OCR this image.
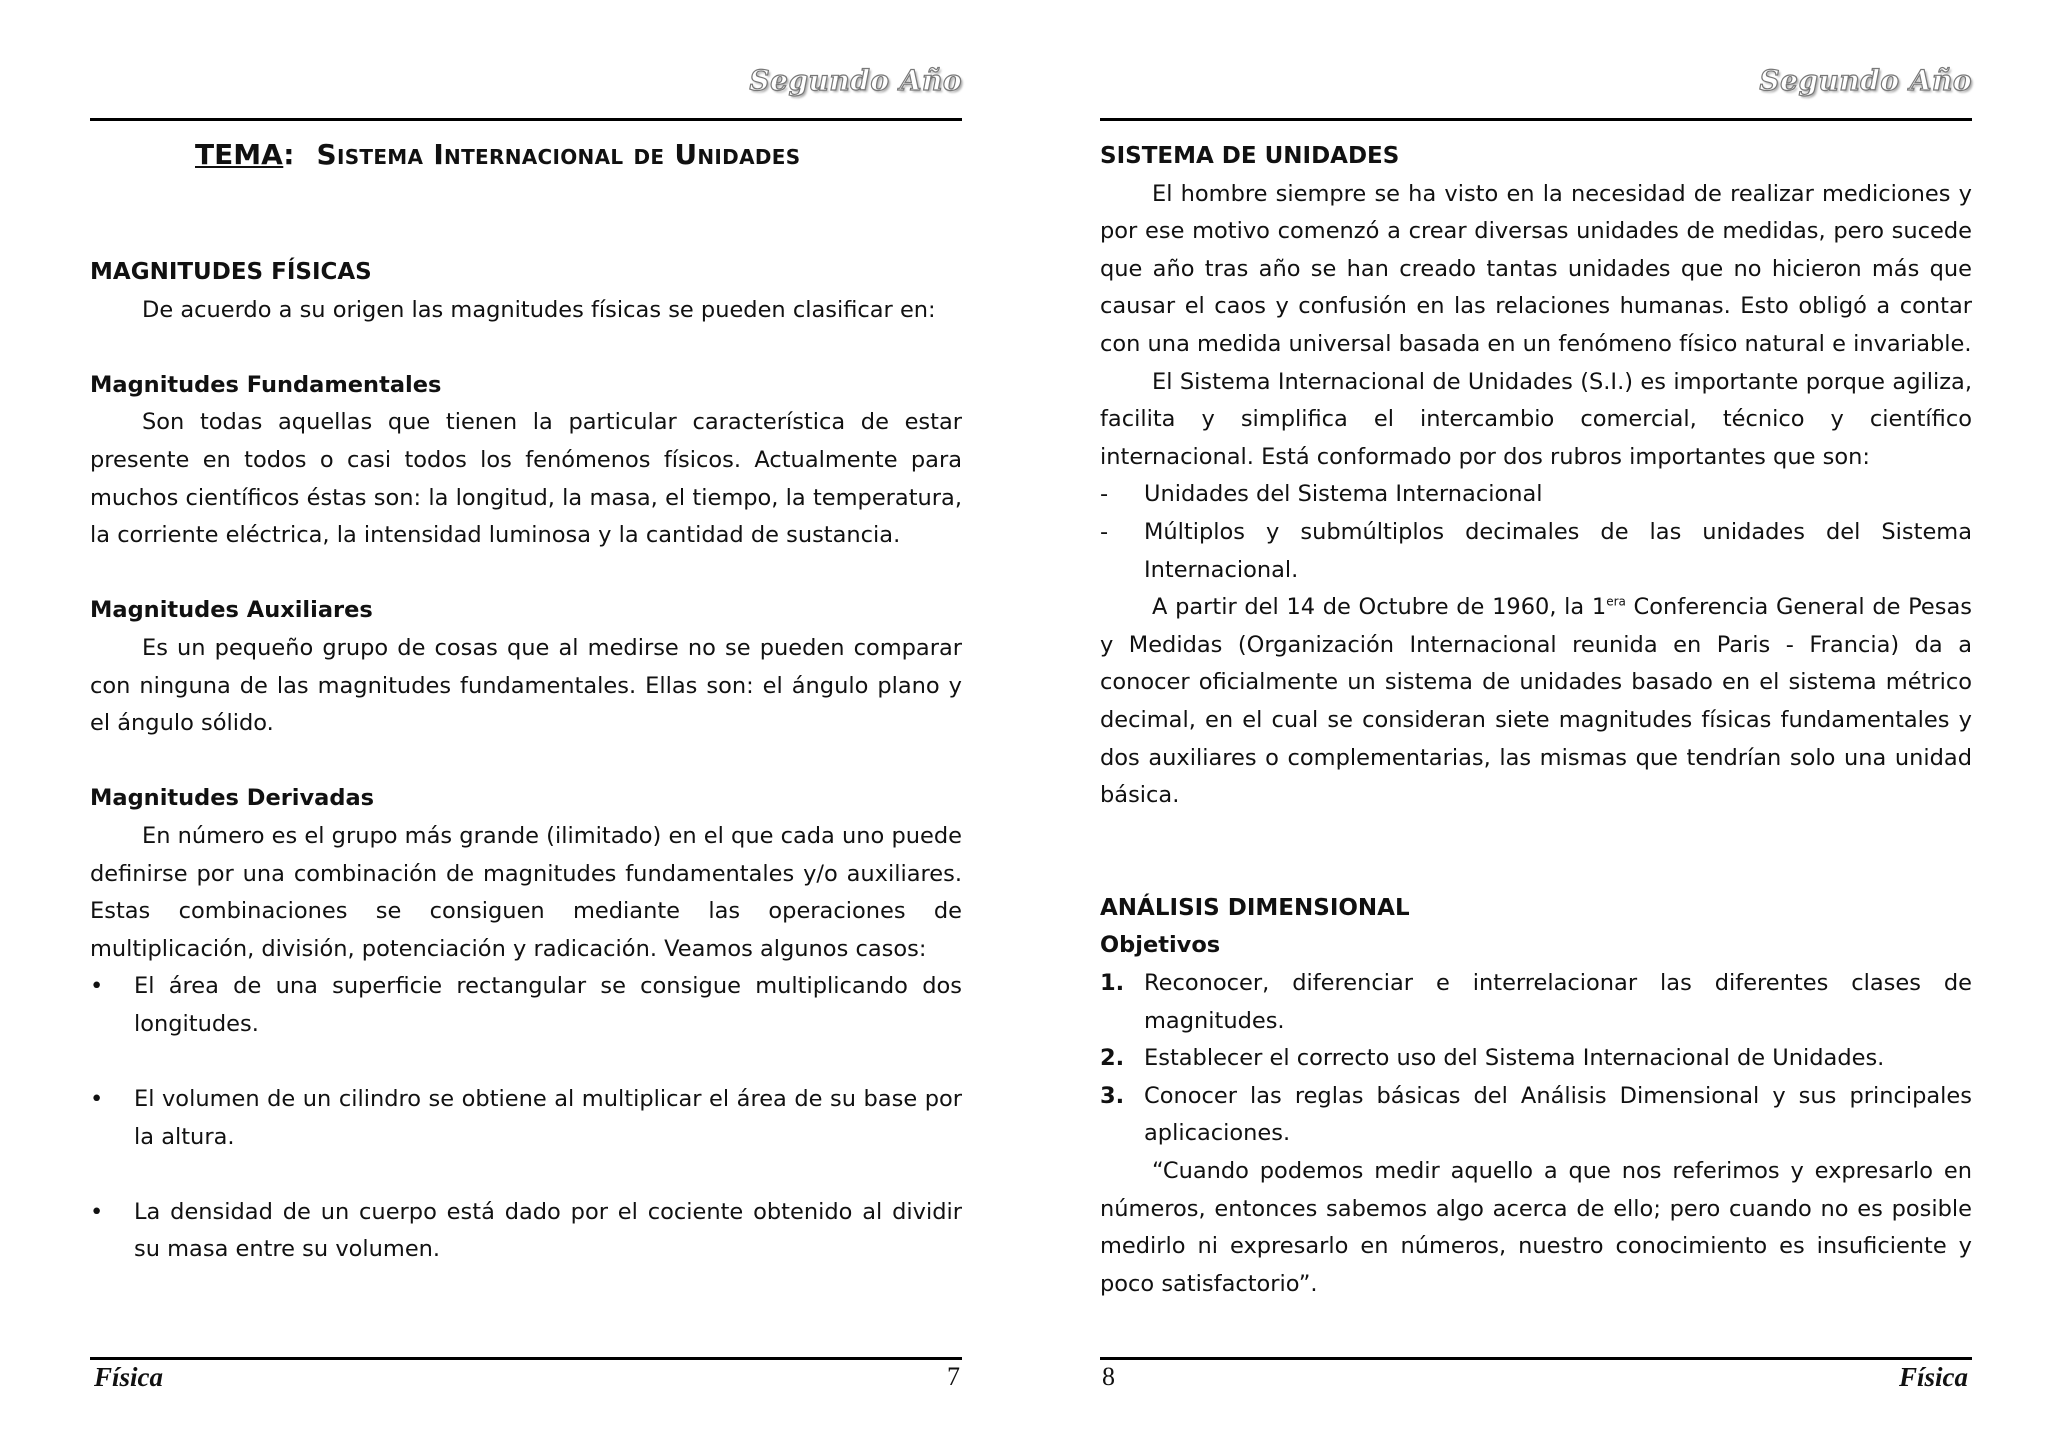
Segundo Año
TEMA: Sistema Internacional de Unidades

MAGNITUDES FÍSICAS

De acuerdo a su origen las magnitudes físicas se pueden clasificar en:

Magnitudes Fundamentales

Son todas aquellas que tienen la particular característica de estar presente en todos o casi todos los fenómenos físicos. Actualmente para muchos científicos éstas son: la longitud, la masa, el tiempo, la temperatura, la corriente eléctrica, la intensidad luminosa y la cantidad de sustancia.

Magnitudes Auxiliares

Es un pequeño grupo de cosas que al medirse no se pueden comparar con ninguna de las magnitudes fundamentales. Ellas son: el ángulo plano y el ángulo sólido.

Magnitudes Derivadas

En número es el grupo más grande (ilimitado) en el que cada uno puede definirse por una combinación de magnitudes fundamentales y/o auxiliares. Estas combinaciones se consiguen mediante las operaciones de multiplicación, división, potenciación y radicación. Veamos algunos casos:

• El área de una superficie rectangular se consigue multiplicando dos longitudes.
• El volumen de un cilindro se obtiene al multiplicar el área de su base por la altura.
• La densidad de un cuerpo está dado por el cociente obtenido al dividir su masa entre su volumen.
Física	7
Segundo Año

SISTEMA DE UNIDADES

El hombre siempre se ha visto en la necesidad de realizar mediciones y por ese motivo comenzó a crear diversas unidades de medidas, pero sucede que año tras año se han creado tantas unidades que no hicieron más que causar el caos y confusión en las relaciones humanas. Esto obligó a contar con una medida universal basada en un fenómeno físico natural e invariable.

El Sistema Internacional de Unidades (S.I.) es importante porque agiliza, facilita y simplifica el intercambio comercial, técnico y científico internacional. Está conformado por dos rubros importantes que son:

- Unidades del Sistema Internacional
- Múltiplos y submúltiplos decimales de las unidades del Sistema Internacional.

A partir del 14 de Octubre de 1960, la $1^{era}$ Conferencia General de Pesas y Medidas (Organización Internacional reunida en Paris - Francia) da a conocer oficialmente un sistema de unidades basado en el sistema métrico decimal, en el cual se consideran siete magnitudes físicas fundamentales y dos auxiliares o complementarias, las mismas que tendrían solo una unidad básica.

ANÁLISIS DIMENSIONAL

Objetivos

1. Reconocer, diferenciar e interrelacionar las diferentes clases de magnitudes.
2. Establecer el correcto uso del Sistema Internacional de Unidades.
3. Conocer las reglas básicas del Análisis Dimensional y sus principales aplicaciones.

“Cuando podemos medir aquello a que nos referimos y expresarlo en números, entonces sabemos algo acerca de ello; pero cuando no es posible medirlo ni expresarlo en números, nuestro conocimiento es insuficiente y poco satisfactorio”.

8	Física
